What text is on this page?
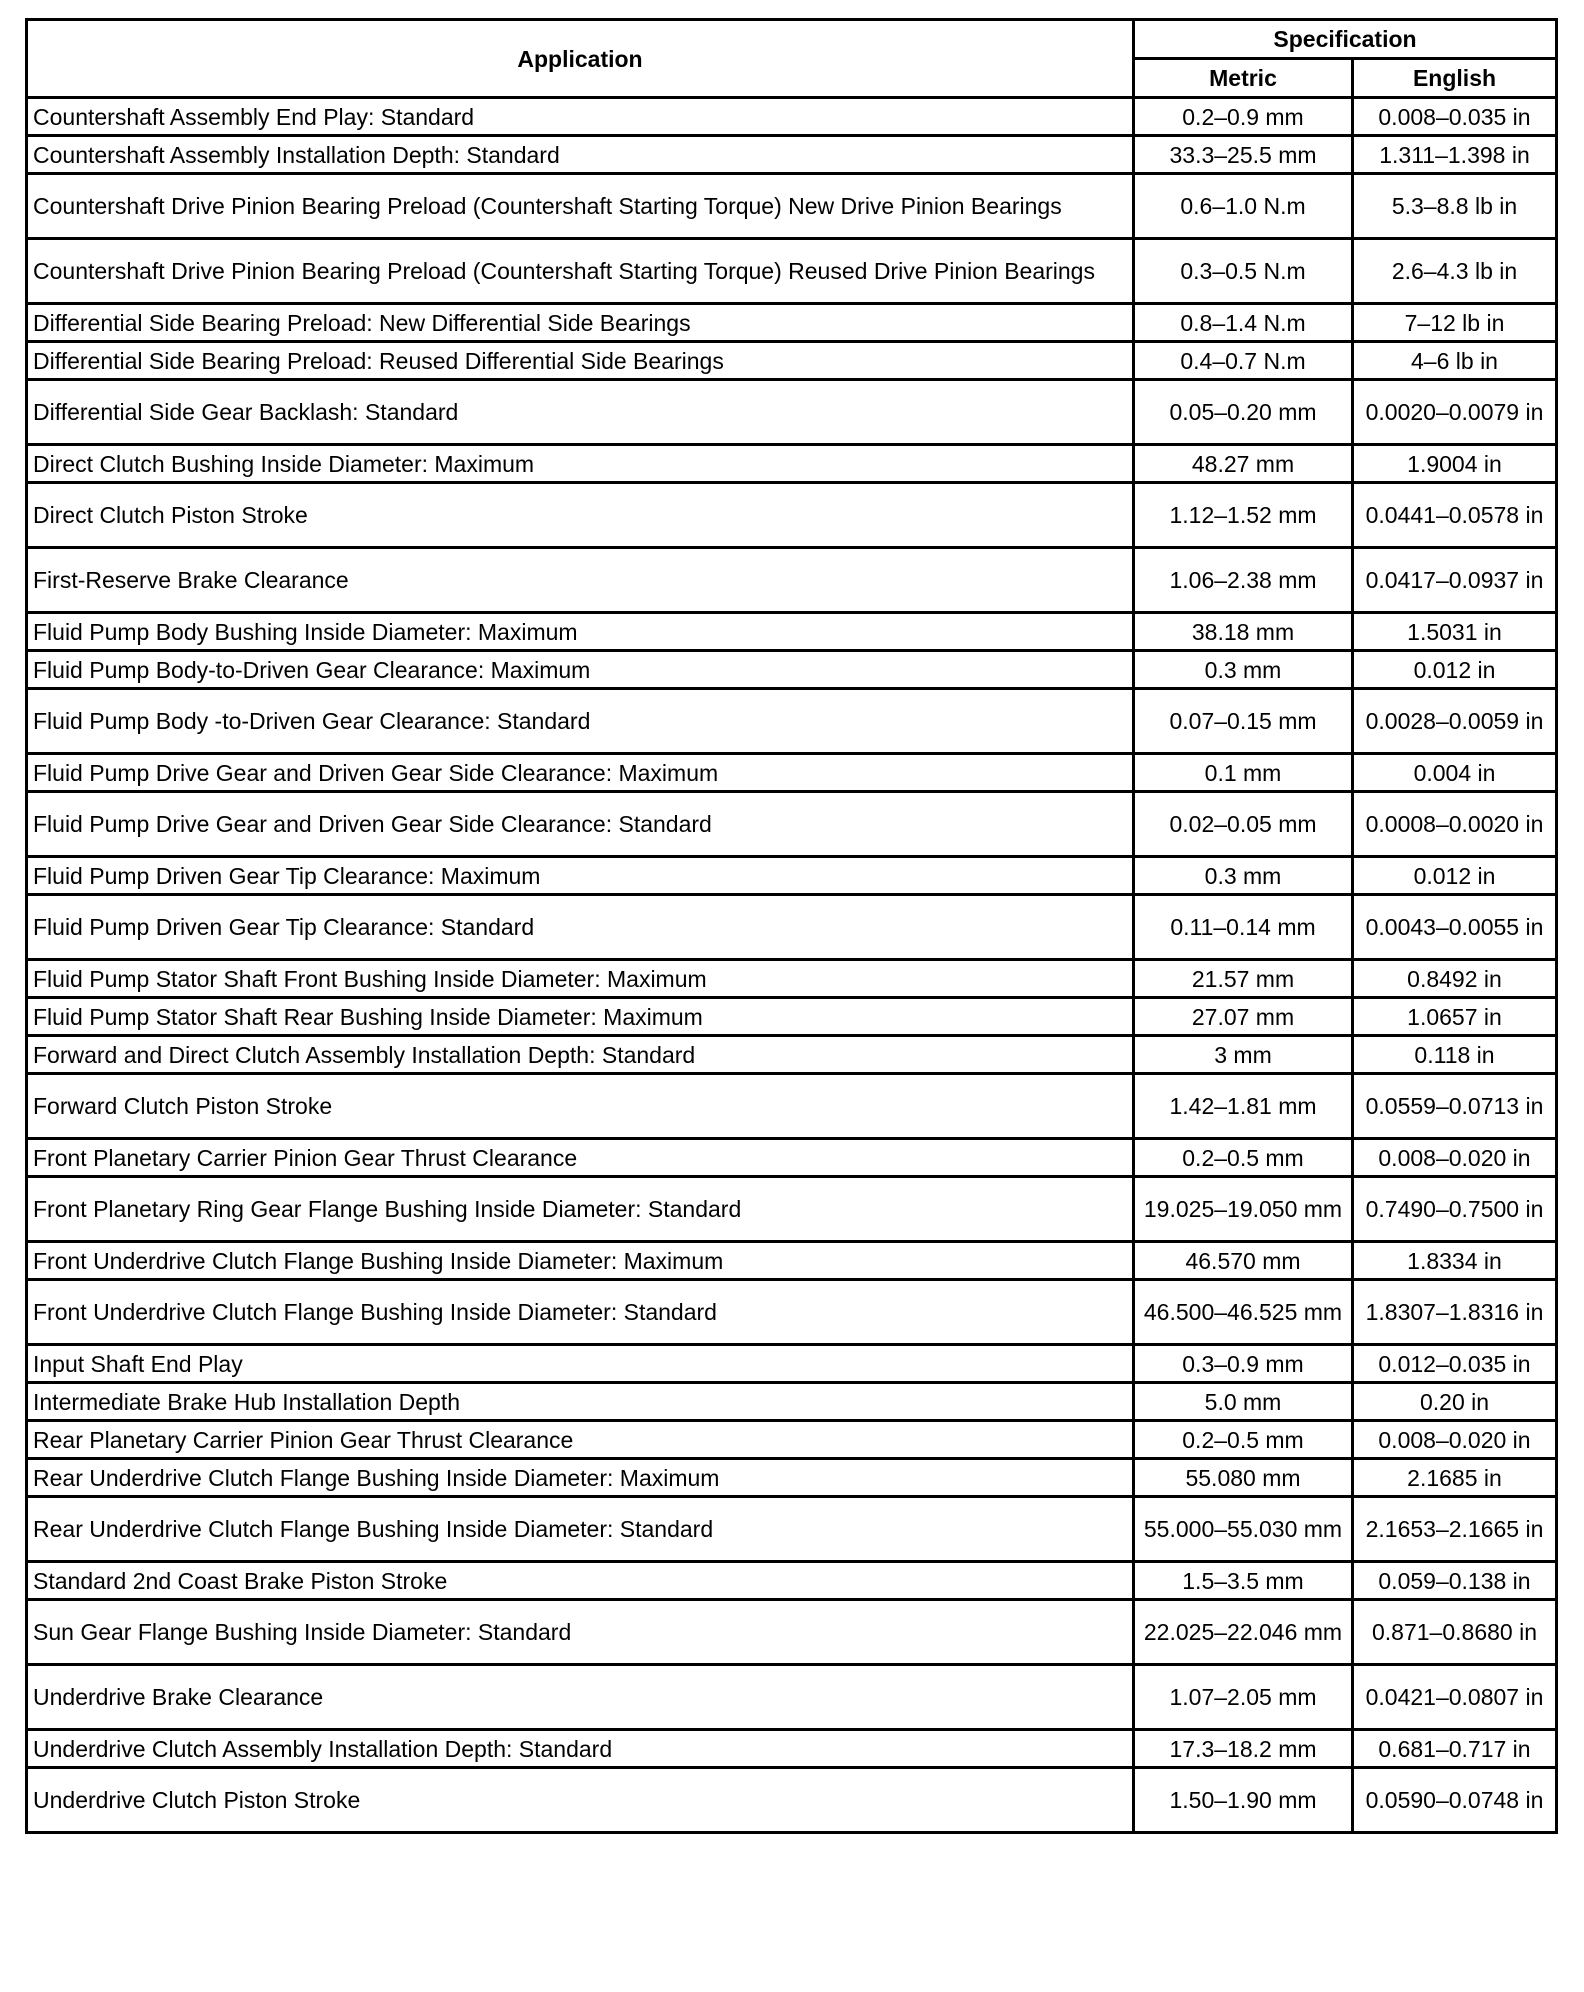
Application	Specification	
	Metric	English
Countershaft Assembly End Play: Standard	0.2–0.9 mm	0.008–0.035 in
Countershaft Assembly Installation Depth: Standard	33.3–25.5 mm	1.311–1.398 in
Countershaft Drive Pinion Bearing Preload (Countershaft Starting Torque) New Drive Pinion Bearings	0.6–1.0 N.m	5.3–8.8 lb in
Countershaft Drive Pinion Bearing Preload (Countershaft Starting Torque) Reused Drive Pinion Bearings	0.3–0.5 N.m	2.6–4.3 lb in
Differential Side Bearing Preload: New Differential Side Bearings	0.8–1.4 N.m	7–12 lb in
Differential Side Bearing Preload: Reused Differential Side Bearings	0.4–0.7 N.m	4–6 lb in
Differential Side Gear Backlash: Standard	0.05–0.20 mm	0.0020–0.0079 in
Direct Clutch Bushing Inside Diameter: Maximum	48.27 mm	1.9004 in
Direct Clutch Piston Stroke	1.12–1.52 mm	0.0441–0.0578 in
First-Reserve Brake Clearance	1.06–2.38 mm	0.0417–0.0937 in
Fluid Pump Body Bushing Inside Diameter: Maximum	38.18 mm	1.5031 in
Fluid Pump Body-to-Driven Gear Clearance: Maximum	0.3 mm	0.012 in
Fluid Pump Body -to-Driven Gear Clearance: Standard	0.07–0.15 mm	0.0028–0.0059 in
Fluid Pump Drive Gear and Driven Gear Side Clearance: Maximum	0.1 mm	0.004 in
Fluid Pump Drive Gear and Driven Gear Side Clearance: Standard	0.02–0.05 mm	0.0008–0.0020 in
Fluid Pump Driven Gear Tip Clearance: Maximum	0.3 mm	0.012 in
Fluid Pump Driven Gear Tip Clearance: Standard	0.11–0.14 mm	0.0043–0.0055 in
Fluid Pump Stator Shaft Front Bushing Inside Diameter: Maximum	21.57 mm	0.8492 in
Fluid Pump Stator Shaft Rear Bushing Inside Diameter: Maximum	27.07 mm	1.0657 in
Forward and Direct Clutch Assembly Installation Depth: Standard	3 mm	0.118 in
Forward Clutch Piston Stroke	1.42–1.81 mm	0.0559–0.0713 in
Front Planetary Carrier Pinion Gear Thrust Clearance	0.2–0.5 mm	0.008–0.020 in
Front Planetary Ring Gear Flange Bushing Inside Diameter: Standard	19.025–19.050 mm	0.7490–0.7500 in
Front Underdrive Clutch Flange Bushing Inside Diameter: Maximum	46.570 mm	1.8334 in
Front Underdrive Clutch Flange Bushing Inside Diameter: Standard	46.500–46.525 mm	1.8307–1.8316 in
Input Shaft End Play	0.3–0.9 mm	0.012–0.035 in
Intermediate Brake Hub Installation Depth	5.0 mm	0.20 in
Rear Planetary Carrier Pinion Gear Thrust Clearance	0.2–0.5 mm	0.008–0.020 in
Rear Underdrive Clutch Flange Bushing Inside Diameter: Maximum	55.080 mm	2.1685 in
Rear Underdrive Clutch Flange Bushing Inside Diameter: Standard	55.000–55.030 mm	2.1653–2.1665 in
Standard 2nd Coast Brake Piston Stroke	1.5–3.5 mm	0.059–0.138 in
Sun Gear Flange Bushing Inside Diameter: Standard	22.025–22.046 mm	0.871–0.8680 in
Underdrive Brake Clearance	1.07–2.05 mm	0.0421–0.0807 in
Underdrive Clutch Assembly Installation Depth: Standard	17.3–18.2 mm	0.681–0.717 in
Underdrive Clutch Piston Stroke	1.50–1.90 mm	0.0590–0.0748 in
